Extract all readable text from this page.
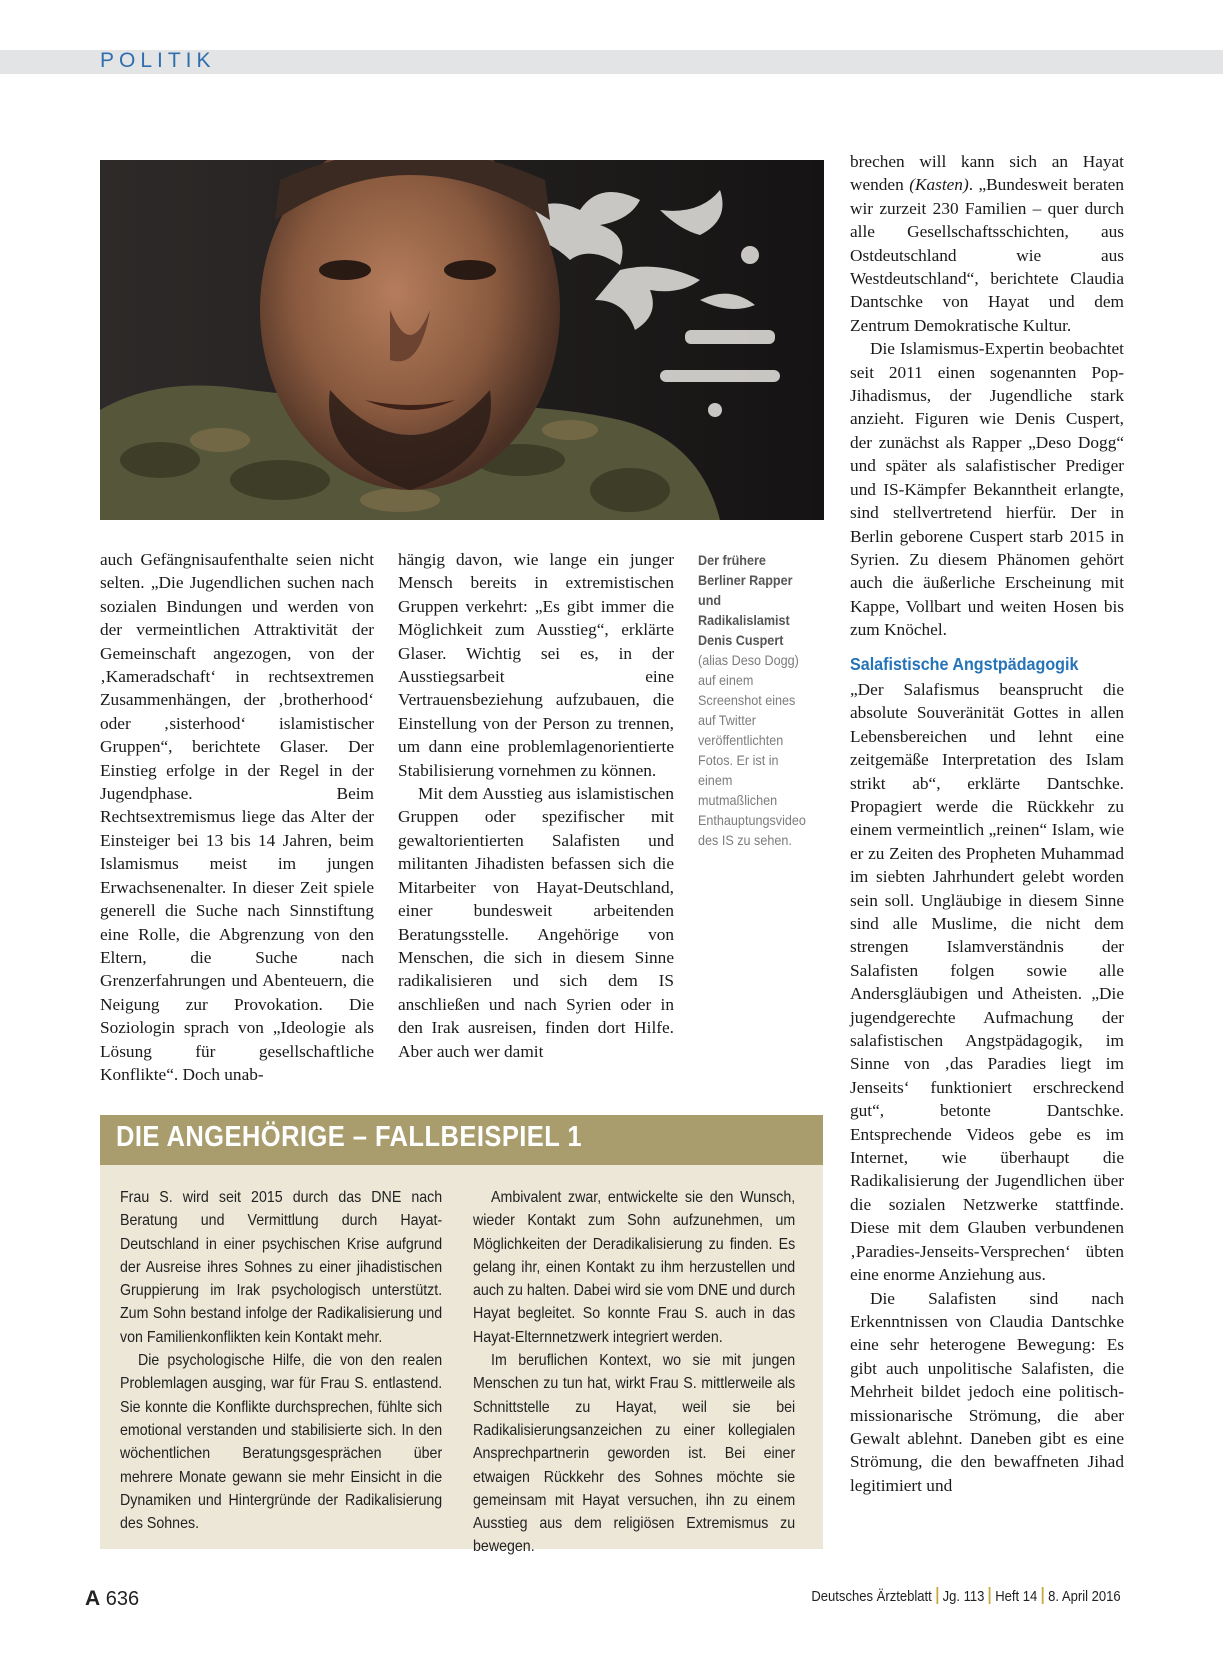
POLITIK

auch Gefängnisaufenthalte seien nicht selten. „Die Jugendlichen suchen nach sozialen Bindungen und werden von der vermeintlichen Attraktivität der Gemeinschaft angezogen, von der ‚Kameradschaft‘ in rechtsextremen Zusammenhängen, der ‚brotherhood‘ oder ‚sisterhood‘ islamistischer Gruppen“, berichtete Glaser. Der Einstieg erfolge in der Regel in der Jugendphase. Beim Rechtsextremismus liege das Alter der Einsteiger bei 13 bis 14 Jahren, beim Islamismus meist im jungen Erwachsenenalter. In dieser Zeit spiele generell die Suche nach Sinnstiftung eine Rolle, die Abgrenzung von den Eltern, die Suche nach Grenzerfahrungen und Abenteuern, die Neigung zur Provokation. Die Soziologin sprach von „Ideologie als Lösung für gesellschaftliche Konflikte“. Doch unab-

hängig davon, wie lange ein junger Mensch bereits in extremistischen Gruppen verkehrt: „Es gibt immer die Möglichkeit zum Ausstieg“, erklärte Glaser. Wichtig sei es, in der Ausstiegsarbeit eine Vertrauensbeziehung aufzubauen, die Einstellung von der Person zu trennen, um dann eine problemlagenorientierte Stabilisierung vornehmen zu können.

Mit dem Ausstieg aus islamistischen Gruppen oder spezifischer mit gewaltorientierten Salafisten und militanten Jihadisten befassen sich die Mitarbeiter von Hayat-Deutschland, einer bundesweit arbeitenden Beratungsstelle. Angehörige von Menschen, die sich in diesem Sinne radikalisieren und sich dem IS anschließen und nach Syrien oder in den Irak ausreisen, finden dort Hilfe. Aber auch wer damit

Der frühere Berliner Rapper und Radikalislamist Denis Cuspert (alias Deso Dogg) auf einem Screenshot eines auf Twitter veröffentlichten Fotos. Er ist in einem mutmaßlichen Enthauptungsvideo des IS zu sehen.

brechen will kann sich an Hayat wenden (Kasten). „Bundesweit beraten wir zurzeit 230 Familien – quer durch alle Gesellschaftsschichten, aus Ostdeutschland wie aus Westdeutschland“, berichtete Claudia Dantschke von Hayat und dem Zentrum Demokratische Kultur.

Die Islamismus-Expertin beobachtet seit 2011 einen sogenannten Pop-Jihadismus, der Jugendliche stark anzieht. Figuren wie Denis Cuspert, der zunächst als Rapper „Deso Dogg“ und später als salafistischer Prediger und IS-Kämpfer Bekanntheit erlangte, sind stellvertretend hierfür. Der in Berlin geborene Cuspert starb 2015 in Syrien. Zu diesem Phänomen gehört auch die äußerliche Erscheinung mit Kappe, Vollbart und weiten Hosen bis zum Knöchel.

Salafistische Angstpädagogik

„Der Salafismus beansprucht die absolute Souveränität Gottes in allen Lebensbereichen und lehnt eine zeitgemäße Interpretation des Islam strikt ab“, erklärte Dantschke. Propagiert werde die Rückkehr zu einem vermeintlich „reinen“ Islam, wie er zu Zeiten des Propheten Muhammad im siebten Jahrhundert gelebt worden sein soll. Ungläubige in diesem Sinne sind alle Muslime, die nicht dem strengen Islamverständnis der Salafisten folgen sowie alle Andersgläubigen und Atheisten. „Die jugendgerechte Aufmachung der salafistischen Angstpädagogik, im Sinne von ‚das Paradies liegt im Jenseits‘ funktioniert erschreckend gut“, betonte Dantschke. Entsprechende Videos gebe es im Internet, wie überhaupt die Radikalisierung der Jugendlichen über die sozialen Netzwerke stattfinde. Diese mit dem Glauben verbundenen ‚Paradies-Jenseits-Versprechen‘ übten eine enorme Anziehung aus.

Die Salafisten sind nach Erkenntnissen von Claudia Dantschke eine sehr heterogene Bewegung: Es gibt auch unpolitische Salafisten, die Mehrheit bildet jedoch eine politisch-missionarische Strömung, die aber Gewalt ablehnt. Daneben gibt es eine Strömung, die den bewaffneten Jihad legitimiert und

DIE ANGEHÖRIGE – FALLBEISPIEL 1

Frau S. wird seit 2015 durch das DNE nach Beratung und Vermittlung durch Hayat-Deutschland in einer psychischen Krise aufgrund der Ausreise ihres Sohnes zu einer jihadistischen Gruppierung im Irak psychologisch unterstützt. Zum Sohn bestand infolge der Radikalisierung und von Familienkonflikten kein Kontakt mehr.

Die psychologische Hilfe, die von den realen Problemlagen ausging, war für Frau S. entlastend. Sie konnte die Konflikte durchsprechen, fühlte sich emotional verstanden und stabilisierte sich. In den wöchentlichen Beratungsgesprächen über mehrere Monate gewann sie mehr Einsicht in die Dynamiken und Hintergründe der Radikalisierung des Sohnes.

Ambivalent zwar, entwickelte sie den Wunsch, wieder Kontakt zum Sohn aufzunehmen, um Möglichkeiten der Deradikalisierung zu finden. Es gelang ihr, einen Kontakt zu ihm herzustellen und auch zu halten. Dabei wird sie vom DNE und durch Hayat begleitet. So konnte Frau S. auch in das Hayat-Elternnetzwerk integriert werden.

Im beruflichen Kontext, wo sie mit jungen Menschen zu tun hat, wirkt Frau S. mittlerweile als Schnittstelle zu Hayat, weil sie bei Radikalisierungsanzeichen zu einer kollegialen Ansprechpartnerin geworden ist. Bei einer etwaigen Rückkehr des Sohnes möchte sie gemeinsam mit Hayat versuchen, ihn zu einem Ausstieg aus dem religiösen Extremismus zu bewegen.

A 636	Deutsches Ärzteblatt Jg. 113 Heft 14 8. April 2016
